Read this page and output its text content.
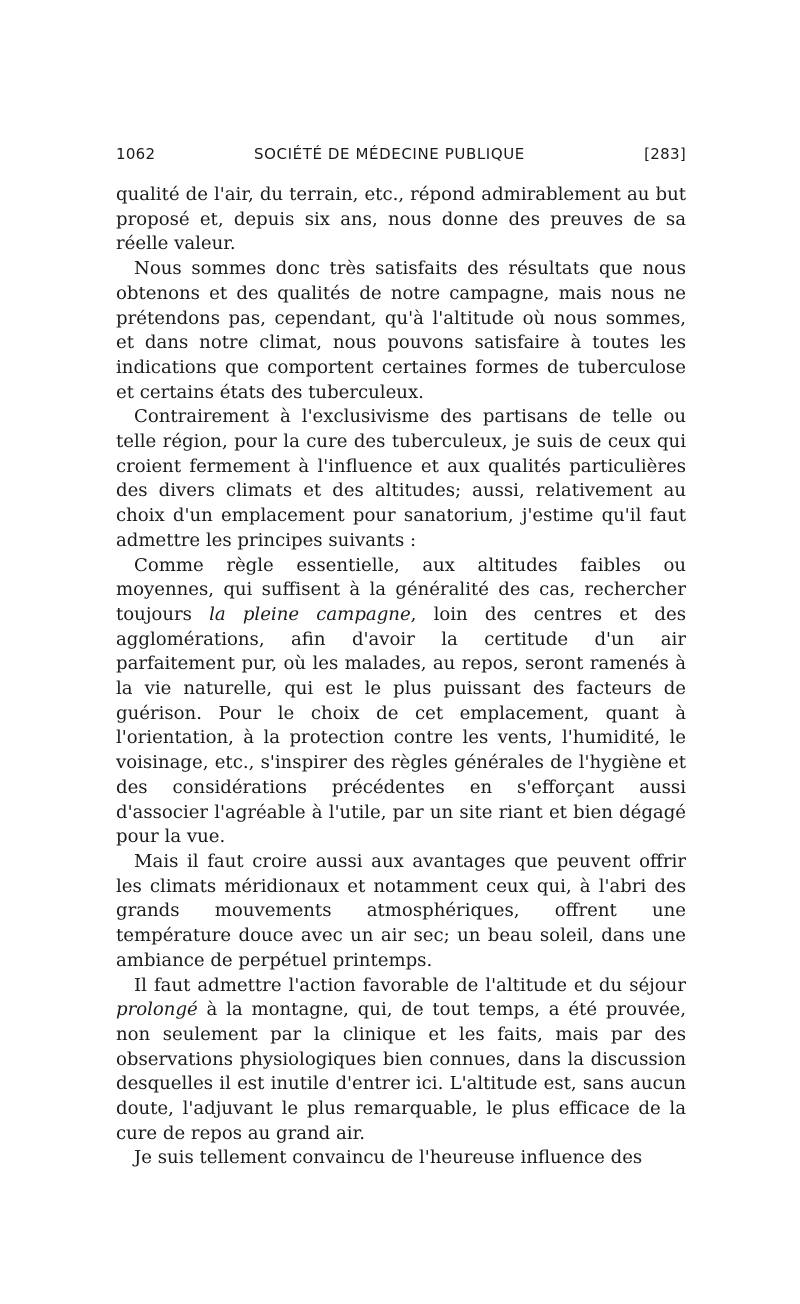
1062	SOCIÉTÉ DE MÉDECINE PUBLIQUE	[283]

qualité de l'air, du terrain, etc., répond admirablement au but proposé et, depuis six ans, nous donne des preuves de sa réelle valeur.

Nous sommes donc très satisfaits des résultats que nous obtenons et des qualités de notre campagne, mais nous ne prétendons pas, cependant, qu'à l'altitude où nous sommes, et dans notre climat, nous pouvons satisfaire à toutes les indications que comportent certaines formes de tuberculose et certains états des tuberculeux.

Contrairement à l'exclusivisme des partisans de telle ou telle région, pour la cure des tuberculeux, je suis de ceux qui croient fermement à l'influence et aux qualités particulières des divers climats et des altitudes; aussi, relativement au choix d'un emplacement pour sanatorium, j'estime qu'il faut admettre les principes suivants :

Comme règle essentielle, aux altitudes faibles ou moyennes, qui suffisent à la généralité des cas, rechercher toujours la pleine campagne, loin des centres et des agglomérations, afin d'avoir la certitude d'un air parfaitement pur, où les malades, au repos, seront ramenés à la vie naturelle, qui est le plus puissant des facteurs de guérison. Pour le choix de cet emplacement, quant à l'orientation, à la protection contre les vents, l'humidité, le voisinage, etc., s'inspirer des règles générales de l'hygiène et des considérations précédentes en s'efforçant aussi d'associer l'agréable à l'utile, par un site riant et bien dégagé pour la vue.

Mais il faut croire aussi aux avantages que peuvent offrir les climats méridionaux et notamment ceux qui, à l'abri des grands mouvements atmosphériques, offrent une température douce avec un air sec; un beau soleil, dans une ambiance de perpétuel printemps.

Il faut admettre l'action favorable de l'altitude et du séjour prolongé à la montagne, qui, de tout temps, a été prouvée, non seulement par la clinique et les faits, mais par des observations physiologiques bien connues, dans la discussion desquelles il est inutile d'entrer ici. L'altitude est, sans aucun doute, l'adjuvant le plus remarquable, le plus efficace de la cure de repos au grand air.

Je suis tellement convaincu de l'heureuse influence des
